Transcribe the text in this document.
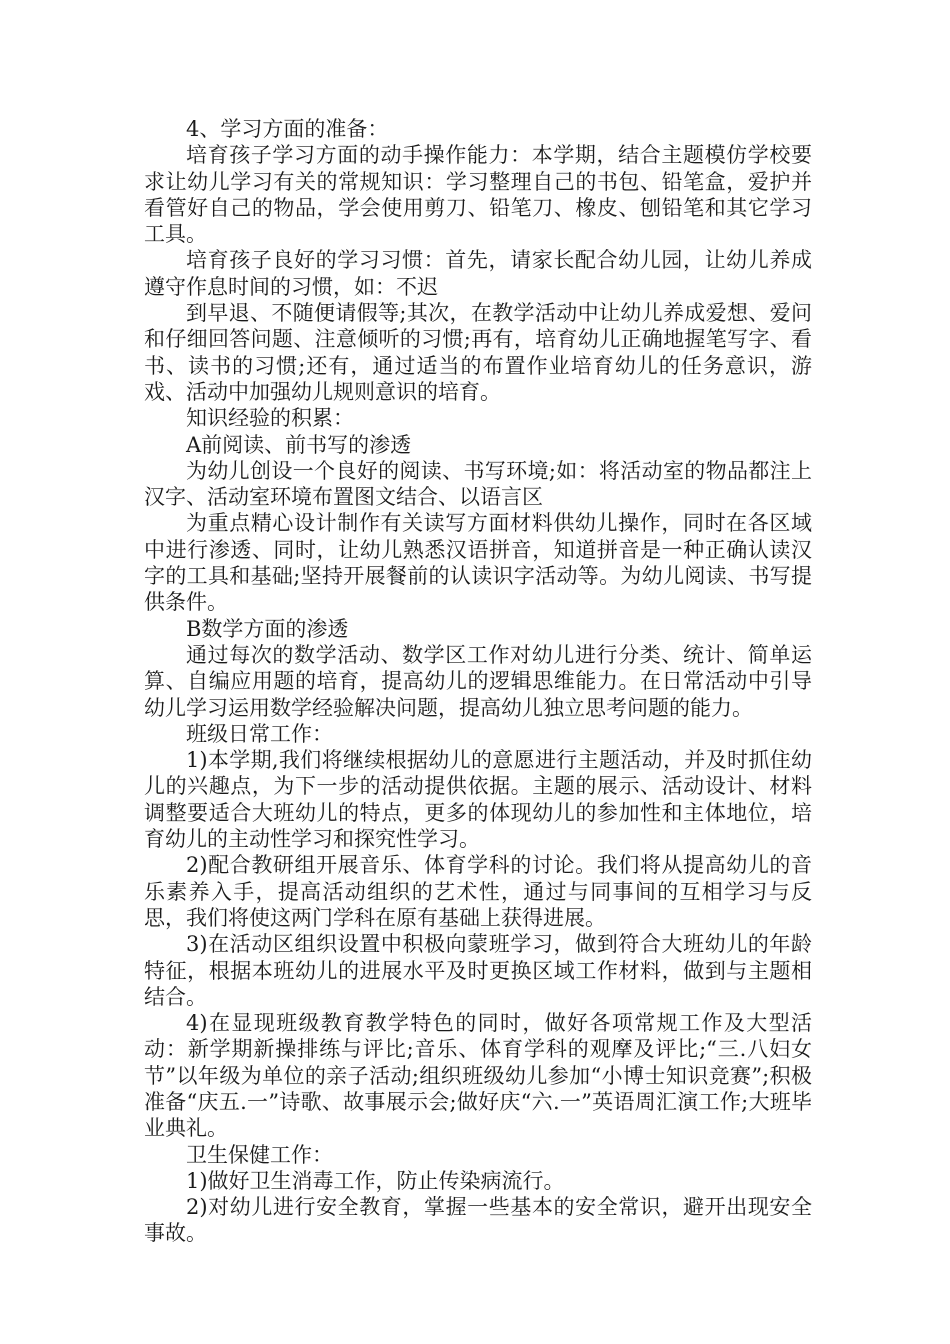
4、学习方面的准备：

培育孩子学习方面的动手操作能力：本学期，结合主题模仿学校要求让幼儿学习有关的常规知识：学习整理自己的书包、铅笔盒，爱护并看管好自己的物品，学会使用剪刀、铅笔刀、橡皮、刨铅笔和其它学习工具。

培育孩子良好的学习习惯：首先，请家长配合幼儿园，让幼儿养成遵守作息时间的习惯，如：不迟

到早退、不随便请假等;其次，在教学活动中让幼儿养成爱想、爱问和仔细回答问题、注意倾听的习惯;再有，培育幼儿正确地握笔写字、看书、读书的习惯;还有，通过适当的布置作业培育幼儿的任务意识，游戏、活动中加强幼儿规则意识的培育。

知识经验的积累：

A前阅读、前书写的渗透

为幼儿创设一个良好的阅读、书写环境;如：将活动室的物品都注上汉字、活动室环境布置图文结合、以语言区

为重点精心设计制作有关读写方面材料供幼儿操作，同时在各区域中进行渗透、同时，让幼儿熟悉汉语拼音，知道拼音是一种正确认读汉字的工具和基础;坚持开展餐前的认读识字活动等。为幼儿阅读、书写提供条件。

B数学方面的渗透

通过每次的数学活动、数学区工作对幼儿进行分类、统计、简单运算、自编应用题的培育，提高幼儿的逻辑思维能力。在日常活动中引导幼儿学习运用数学经验解决问题，提高幼儿独立思考问题的能力。

班级日常工作：

1)本学期,我们将继续根据幼儿的意愿进行主题活动，并及时抓住幼儿的兴趣点，为下一步的活动提供依据。主题的展示、活动设计、材料调整要适合大班幼儿的特点，更多的体现幼儿的参加性和主体地位，培育幼儿的主动性学习和探究性学习。

2)配合教研组开展音乐、体育学科的讨论。我们将从提高幼儿的音乐素养入手，提高活动组织的艺术性，通过与同事间的互相学习与反思，我们将使这两门学科在原有基础上获得进展。

3)在活动区组织设置中积极向蒙班学习，做到符合大班幼儿的年龄特征，根据本班幼儿的进展水平及时更换区域工作材料，做到与主题相结合。

4)在显现班级教育教学特色的同时，做好各项常规工作及大型活动：新学期新操排练与评比;音乐、体育学科的观摩及评比;“三.八妇女节”以年级为单位的亲子活动;组织班级幼儿参加“小博士知识竞赛”;积极准备“庆五.一”诗歌、故事展示会;做好庆“六.一”英语周汇演工作;大班毕业典礼。

卫生保健工作：

1)做好卫生消毒工作，防止传染病流行。

2)对幼儿进行安全教育，掌握一些基本的安全常识，避开出现安全事故。
